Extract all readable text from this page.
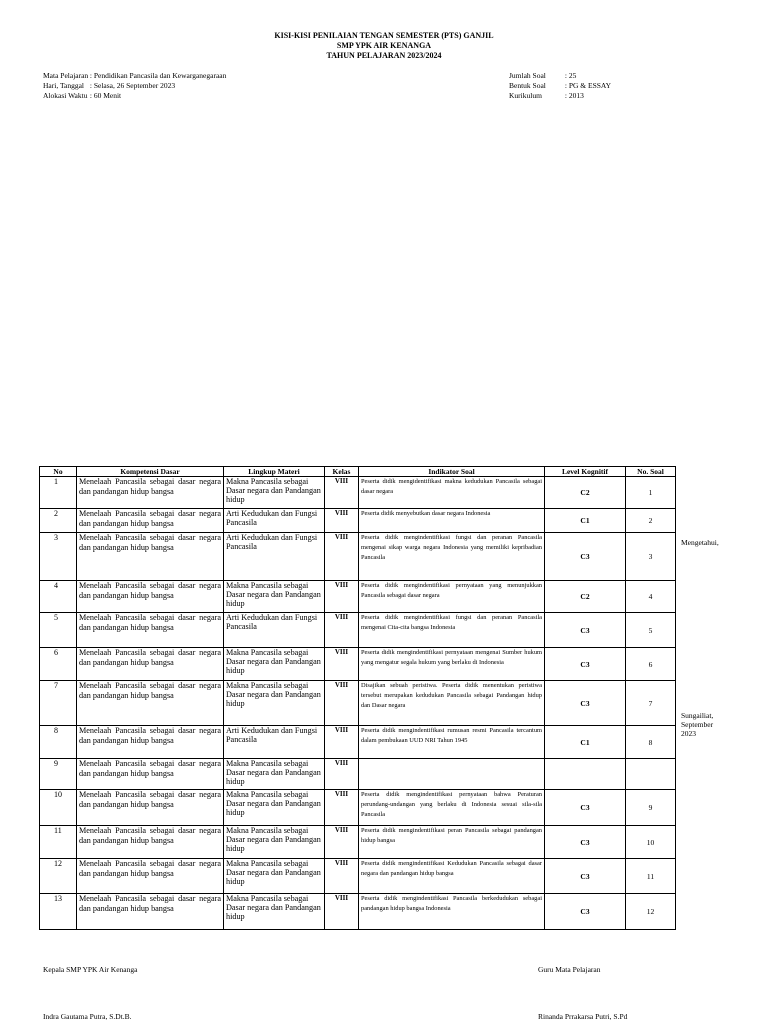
KISI-KISI PENILAIAN TENGAN SEMESTER (PTS) GANJIL
SMP YPK AIR KENANGA
TAHUN PELAJARAN 2023/2024
Mata Pelajaran : Pendidikan Pancasila dan Kewarganegaraan
Hari, Tanggal : Selasa, 26 September 2023
Alokasi Waktu : 60 Menit
Jumlah Soal	: 25
Bentuk Soal	: PG & ESSAY
Kurikulum	: 2013
No	Kompetensi Dasar	Lingkup Materi	Kelas	Indikator Soal	Level Kognitif	No. Soal
1	Menelaah Pancasila sebagai dasar negara dan pandangan hidup bangsa	Makna Pancasila sebagai Dasar negara dan Pandangan hidup	VIII	Peserta didik mengidentifikasi makna kedudukan Pancasila sebagai dasar negara	C2	1
2	Menelaah Pancasila sebagai dasar negara dan pandangan hidup bangsa	Arti Kedudukan dan Fungsi Pancasila	VIII	Peserta didik menyebutkan dasar negara Indonesia	C1	2
3	Menelaah Pancasila sebagai dasar negara dan pandangan hidup bangsa	Arti Kedudukan dan Fungsi Pancasila	VIII	Peserta didik mengindentifikasi fungsi dan peranan Pancasila mengenai sikap warga negara Indonesia yang memiliki kepribadian Pancasila	C3	3
4	Menelaah Pancasila sebagai dasar negara dan pandangan hidup bangsa	Makna Pancasila sebagai Dasar negara dan Pandangan hidup	VIII	Peserta didik mengindentifikasi pernyataan yang menunjukkan Pancasila sebagai dasar negara	C2	4
5	Menelaah Pancasila sebagai dasar negara dan pandangan hidup bangsa	Arti Kedudukan dan Fungsi Pancasila	VIII	Peserta didik mengindentifikasi fungsi dan peranan Pancasila mengenai Cita-cita bangsa Indonesia	C3	5
6	Menelaah Pancasila sebagai dasar negara dan pandangan hidup bangsa	Makna Pancasila sebagai Dasar negara dan Pandangan hidup	VIII	Peserta didik mengindentifikasi pernyataan mengenai Sumber hukum yang mengatur segala hukum yang berlaku di Indonesia	C3	6
7	Menelaah Pancasila sebagai dasar negara dan pandangan hidup bangsa	Makna Pancasila sebagai Dasar negara dan Pandangan hidup	VIII	Disajikan sebuah peristiwa. Peserta didik menentukan peristiwa tersebut merupakan kedudukan Pancasila sebagai Pandangan hidup dan Dasar negara	C3	7
8	Menelaah Pancasila sebagai dasar negara dan pandangan hidup bangsa	Arti Kedudukan dan Fungsi Pancasila	VIII	Peserta didik mengindentifikasi rumusan resmi Pancasila tercantum dalam pembukaan UUD NRI Tahun 1945	C1	8
9	Menelaah Pancasila sebagai dasar negara dan pandangan hidup bangsa	Makna Pancasila sebagai Dasar negara dan Pandangan hidup	VIII			
10	Menelaah Pancasila sebagai dasar negara dan pandangan hidup bangsa	Makna Pancasila sebagai Dasar negara dan Pandangan hidup	VIII	Peserta didik mengindentifikasi pernyataan bahwa Peraturan perundang-undangan yang berlaku di Indonesia sesuai sila-sila Pancasila	C3	9
11	Menelaah Pancasila sebagai dasar negara dan pandangan hidup bangsa	Makna Pancasila sebagai Dasar negara dan Pandangan hidup	VIII	Peserta didik mengindentifikasi peran Pancasila sebagai pandangan hidup bangsa	C3	10
12	Menelaah Pancasila sebagai dasar negara dan pandangan hidup bangsa	Makna Pancasila sebagai Dasar negara dan Pandangan hidup	VIII	Peserta didik mengindentifikasi Kedudukan Pancasila sebagai dasar negara dan pandangan hidup bangsa	C3	11
13	Menelaah Pancasila sebagai dasar negara dan pandangan hidup bangsa	Makna Pancasila sebagai Dasar negara dan Pandangan hidup	VIII	Peserta didik mengindentifikasi Pancasila berkedudukan sebagai pandangan hidup bangsa Indonesia	C3	12
Mengetahui,
Sungailiat, September 2023
Kepala SMP YPK Air Kenanga	Guru Mata Pelajaran
Indra Gautama Putra, S.Dt.B.	Rinanda Prrakarsa Putri, S.Pd
